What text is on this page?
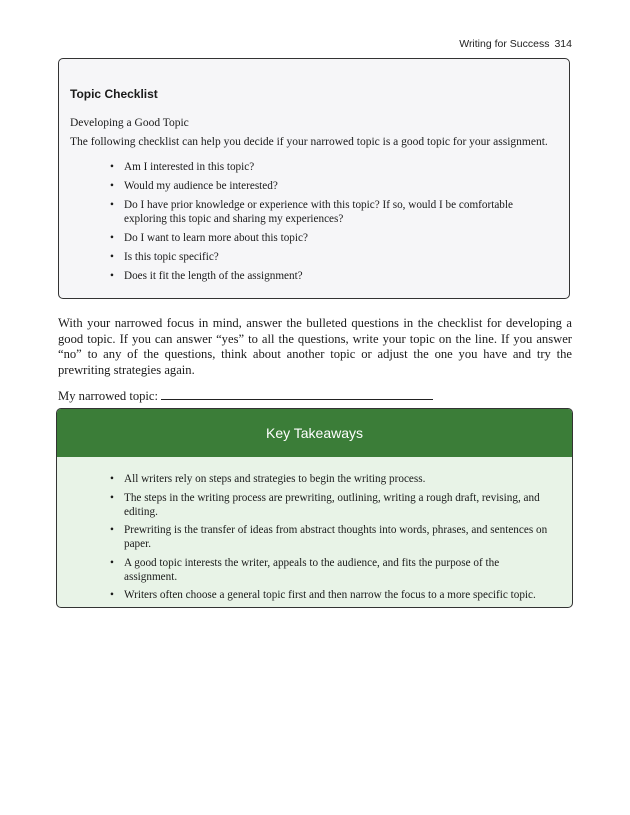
Writing for Success 314
Topic Checklist
Developing a Good Topic
The following checklist can help you decide if your narrowed topic is a good topic for your assignment.
• Am I interested in this topic?
• Would my audience be interested?
• Do I have prior knowledge or experience with this topic? If so, would I be comfortable exploring this topic and sharing my experiences?
• Do I want to learn more about this topic?
• Is this topic specific?
• Does it fit the length of the assignment?

With your narrowed focus in mind, answer the bulleted questions in the checklist for developing a good topic. If you can answer “yes” to all the questions, write your topic on the line. If you answer “no” to any of the questions, think about another topic or adjust the one you have and try the prewriting strategies again.

My narrowed topic:

Key Takeaways
• All writers rely on steps and strategies to begin the writing process.
• The steps in the writing process are prewriting, outlining, writing a rough draft, revising, and editing.
• Prewriting is the transfer of ideas from abstract thoughts into words, phrases, and sentences on paper.
• A good topic interests the writer, appeals to the audience, and fits the purpose of the assignment.
• Writers often choose a general topic first and then narrow the focus to a more specific topic.
